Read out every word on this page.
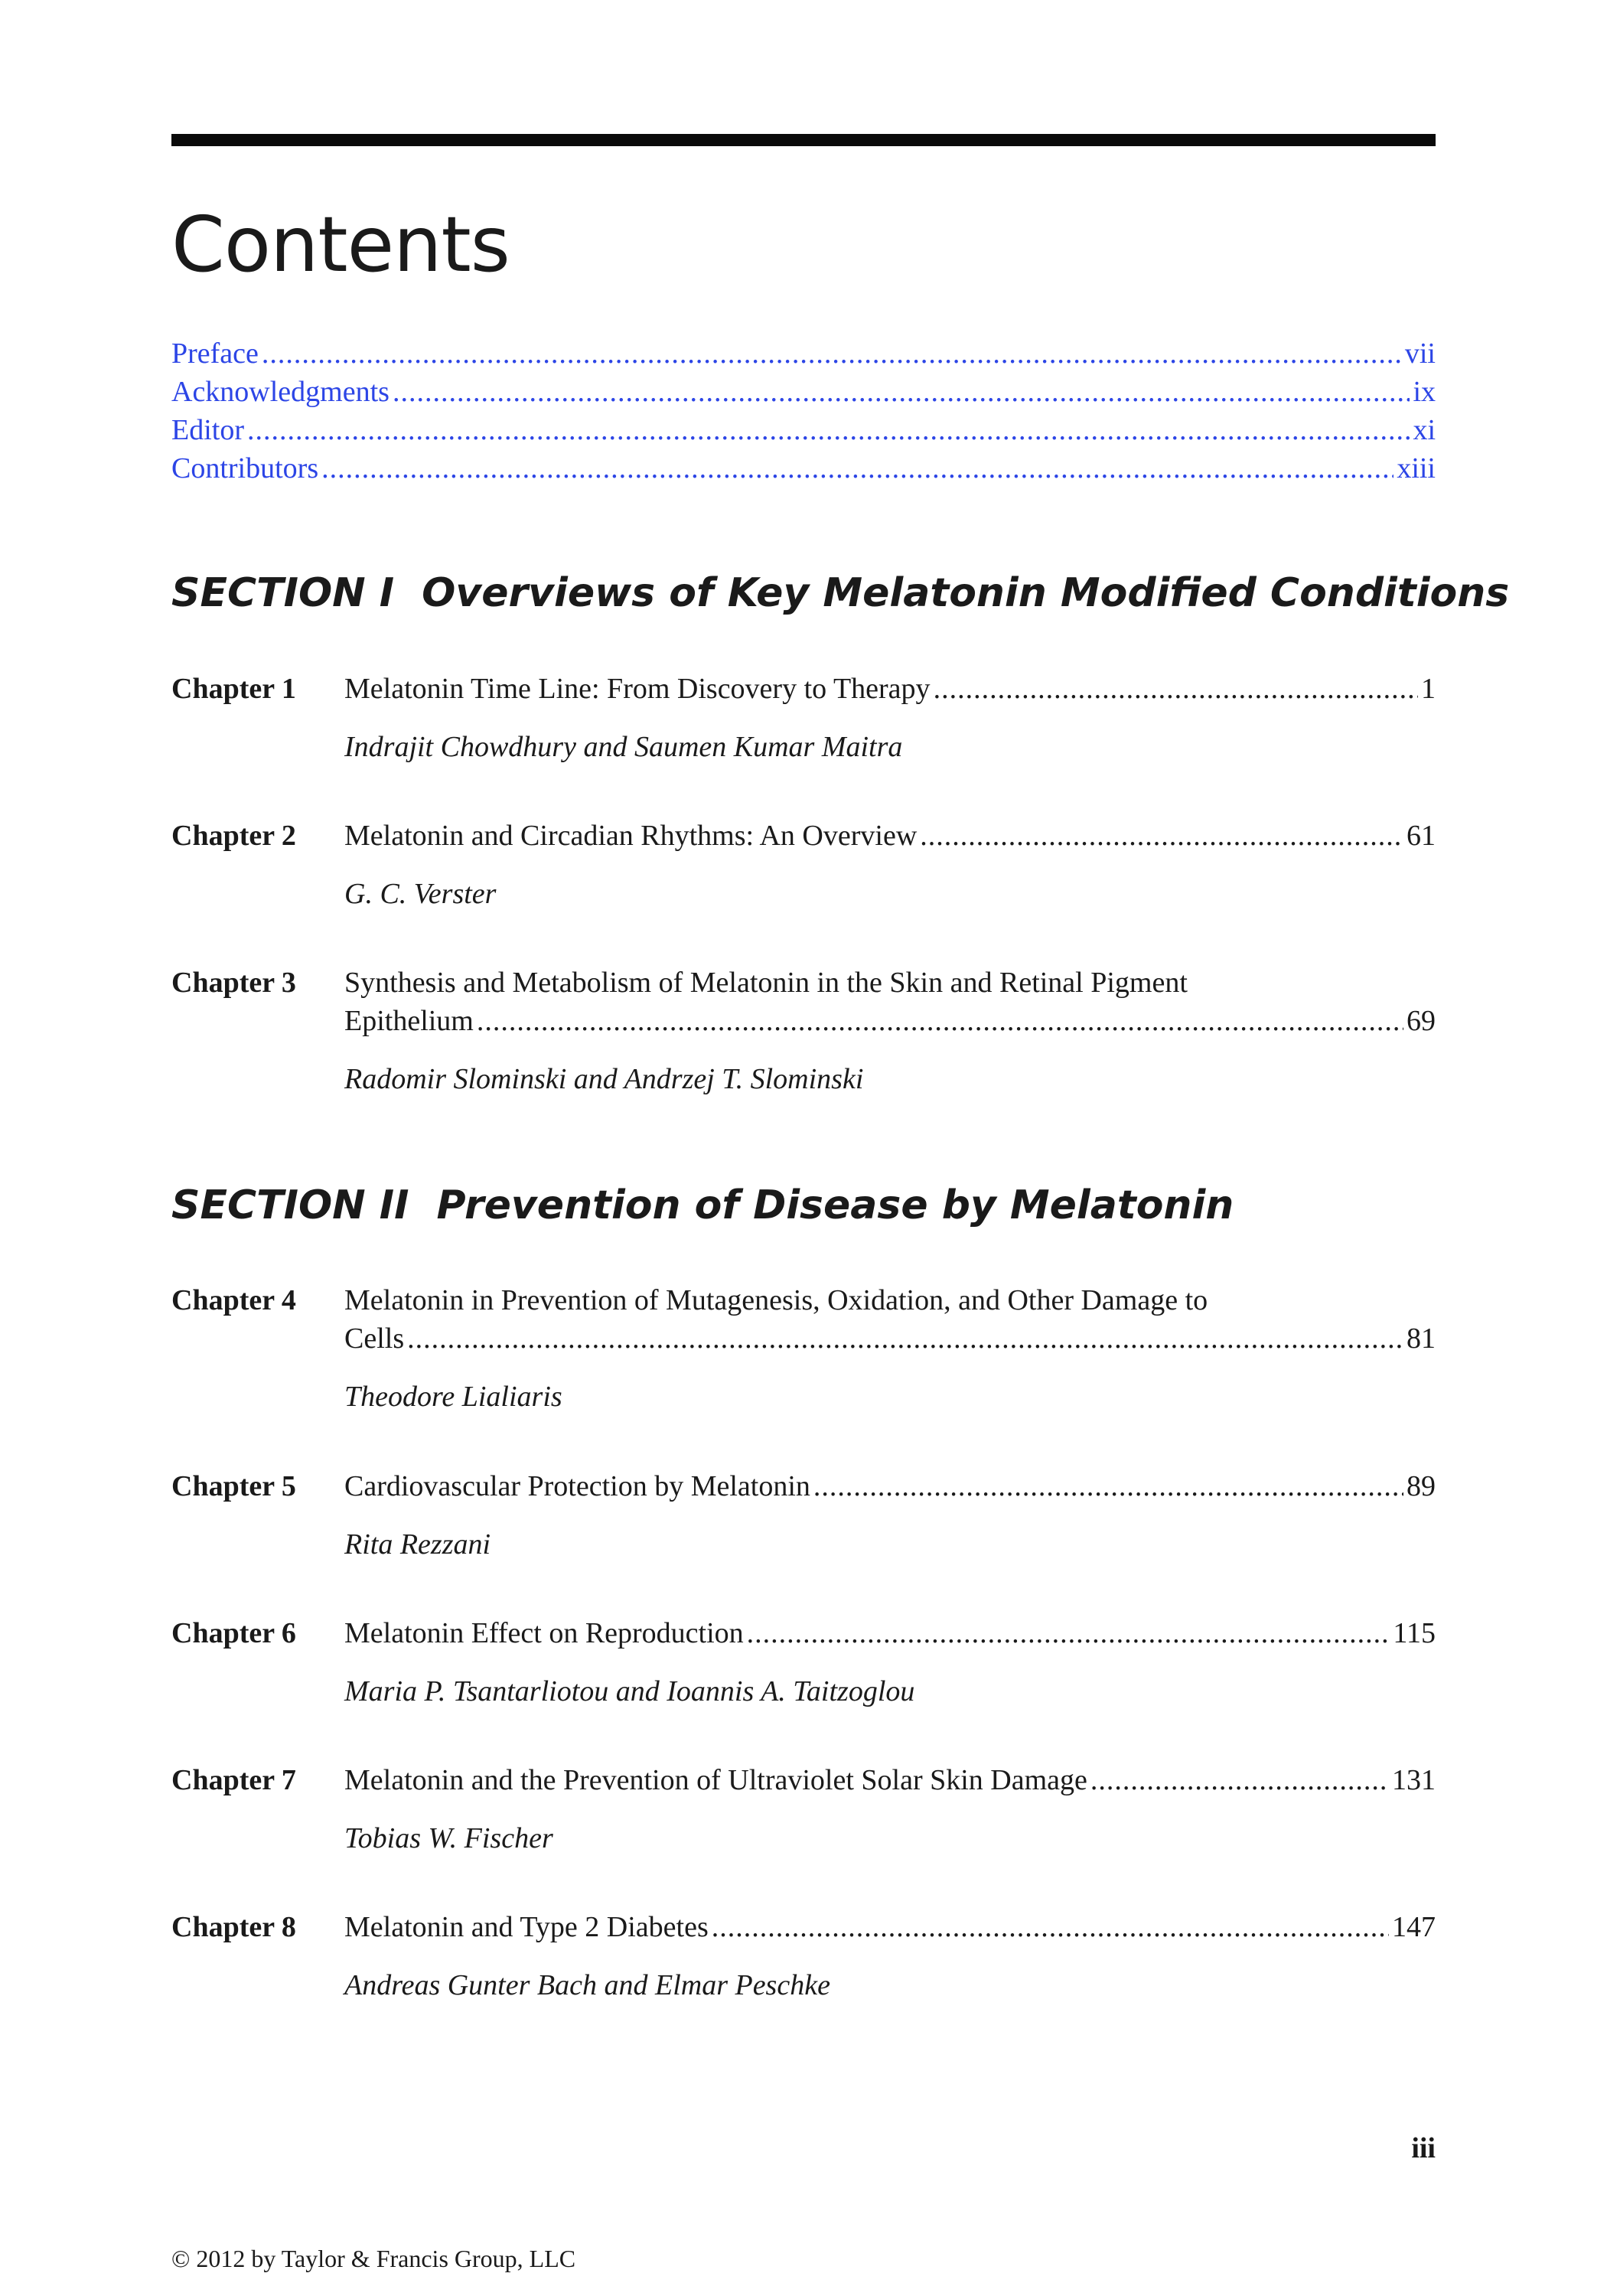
Contents
Preface .....	vii
Acknowledgments .....	ix
Editor .....	xi
Contributors .....	xiii
SECTION I Overviews of Key Melatonin Modified Conditions
Chapter 1 Melatonin Time Line: From Discovery to Therapy .....	1
Indrajit Chowdhury and Saumen Kumar Maitra
Chapter 2 Melatonin and Circadian Rhythms: An Overview .....	61
G. C. Verster
Chapter 3 Synthesis and Metabolism of Melatonin in the Skin and Retinal Pigment
Epithelium .....	69
Radomir Slominski and Andrzej T. Slominski
SECTION II Prevention of Disease by Melatonin
Chapter 4 Melatonin in Prevention of Mutagenesis, Oxidation, and Other Damage to
Cells .....	81
Theodore Lialiaris
Chapter 5 Cardiovascular Protection by Melatonin .....	89
Rita Rezzani
Chapter 6 Melatonin Effect on Reproduction .....	115
Maria P. Tsantarliotou and Ioannis A. Taitzoglou
Chapter 7 Melatonin and the Prevention of Ultraviolet Solar Skin Damage .....	131
Tobias W. Fischer
Chapter 8 Melatonin and Type 2 Diabetes .....	147
Andreas Gunter Bach and Elmar Peschke
iii
© 2012 by Taylor & Francis Group, LLC
